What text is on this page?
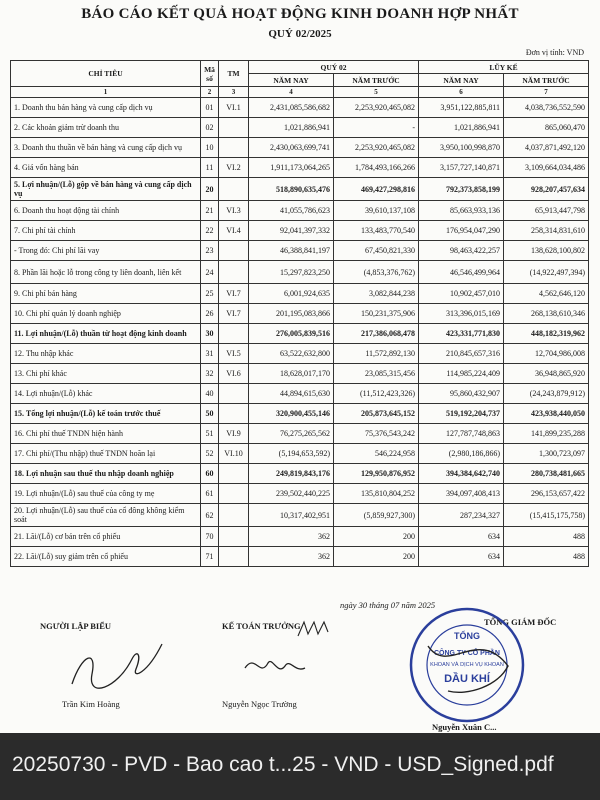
BÁO CÁO KẾT QUẢ HOẠT ĐỘNG KINH DOANH HỢP NHẤT
QUÝ 02/2025
Đơn vị tính: VND
CHỈ TIÊU	Mã số	TM	QUÝ 02		LŨY KẾ	
			NĂM NAY	NĂM TRƯỚC	NĂM NAY	NĂM TRƯỚC
1	2	3	4	5	6	7
1. Doanh thu bán hàng và cung cấp dịch vụ	01	VI.1	2,431,085,586,682	2,253,920,465,082	3,951,122,885,811	4,038,736,552,590
2. Các khoản giảm trừ doanh thu	02		1,021,886,941	-	1,021,886,941	865,060,470
3. Doanh thu thuần về bán hàng và cung cấp dịch vụ	10		2,430,063,699,741	2,253,920,465,082	3,950,100,998,870	4,037,871,492,120
4. Giá vốn hàng bán	11	VI.2	1,911,173,064,265	1,784,493,166,266	3,157,727,140,871	3,109,664,034,486
5. Lợi nhuận/(Lỗ) gộp về bán hàng và cung cấp dịch vụ	20		518,890,635,476	469,427,298,816	792,373,858,199	928,207,457,634
6. Doanh thu hoạt động tài chính	21	VI.3	41,055,786,623	39,610,137,108	85,663,933,136	65,913,447,798
7. Chi phí tài chính	22	VI.4	92,041,397,332	133,483,770,540	176,954,047,290	258,314,831,610
- Trong đó: Chi phí lãi vay	23		46,388,841,197	67,450,821,330	98,463,422,257	138,628,100,802
8. Phần lãi hoặc lỗ trong công ty liên doanh, liên kết	24		15,297,823,250	(4,853,376,762)	46,546,499,964	(14,922,497,394)
9. Chi phí bán hàng	25	VI.7	6,001,924,635	3,082,844,238	10,902,457,010	4,562,646,120
10. Chi phí quản lý doanh nghiệp	26	VI.7	201,195,083,866	150,231,375,906	313,396,015,169	268,138,610,346
11. Lợi nhuận/(Lỗ) thuần từ hoạt động kinh doanh	30		276,005,839,516	217,386,068,478	423,331,771,830	448,182,319,962
12. Thu nhập khác	31	VI.5	63,522,632,800	11,572,892,130	210,845,657,316	12,704,986,008
13. Chi phí khác	32	VI.6	18,628,017,170	23,085,315,456	114,985,224,409	36,948,865,920
14. Lợi nhuận/(Lỗ) khác	40		44,894,615,630	(11,512,423,326)	95,860,432,907	(24,243,879,912)
15. Tổng lợi nhuận/(Lỗ) kế toán trước thuế	50		320,900,455,146	205,873,645,152	519,192,204,737	423,938,440,050
16. Chi phí thuế TNDN hiện hành	51	VI.9	76,275,265,562	75,376,543,242	127,787,748,863	141,899,235,288
17. Chi phí/(Thu nhập) thuế TNDN hoãn lại	52	VI.10	(5,194,653,592)	546,224,958	(2,980,186,866)	1,300,723,097
18. Lợi nhuận sau thuế thu nhập doanh nghiệp	60		249,819,843,176	129,950,876,952	394,384,642,740	280,738,481,665
19. Lợi nhuận/(Lỗ) sau thuế của công ty mẹ	61		239,502,440,225	135,810,804,252	394,097,408,413	296,153,657,422
20. Lợi nhuận/(Lỗ) sau thuế của cổ đông không kiểm soát	62		10,317,402,951	(5,859,927,300)	287,234,327	(15,415,175,758)
21. Lãi/(Lỗ) cơ bản trên cổ phiếu	70		362	200	634	488
22. Lãi/(Lỗ) suy giảm trên cổ phiếu	71		362	200	634	488
NGƯỜI LẬP BIỂU	KẾ TOÁN TRƯỞNG
ngày 30 tháng 07 năm 2025
TỔNG GIÁM ĐỐC
Trần Kim Hoàng	Nguyễn Ngọc Trường
Nguyễn Xuân C...
TỔNG
CÔNG TY CỔ PHẦN
KHOAN VÀ DỊCH VỤ KHOAN
DẦU KHÍ
20250730 - PVD - Bao cao t...25 - VND - USD_Signed.pdf
